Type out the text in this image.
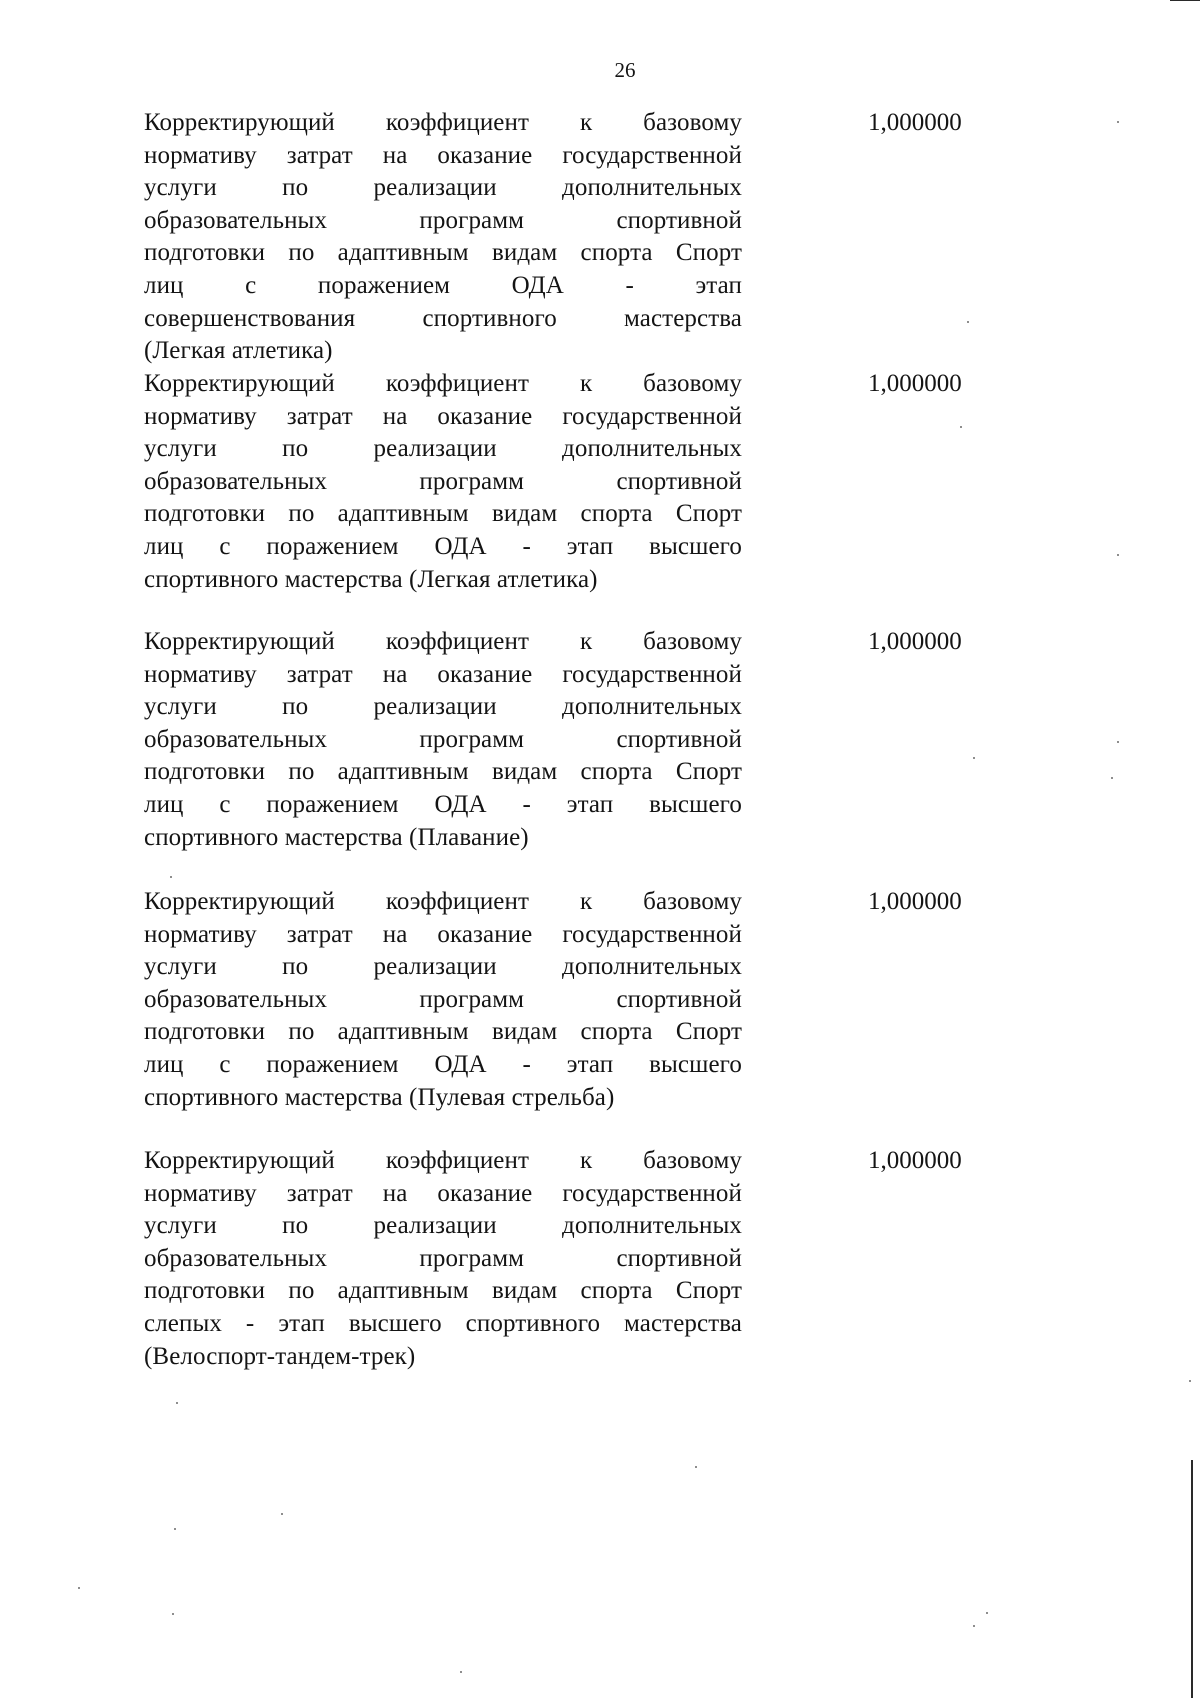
26
Корректирующий коэффициент к базовому
нормативу затрат на оказание государственной
услуги по реализации дополнительных
образовательных программ спортивной
подготовки по адаптивным видам спорта Спорт
лиц с поражением ОДА - этап
совершенствования спортивного мастерства
(Легкая атлетика)
1,000000
Корректирующий коэффициент к базовому
нормативу затрат на оказание государственной
услуги по реализации дополнительных
образовательных программ спортивной
подготовки по адаптивным видам спорта Спорт
лиц с поражением ОДА - этап высшего
спортивного мастерства (Легкая атлетика)
1,000000
Корректирующий коэффициент к базовому
нормативу затрат на оказание государственной
услуги по реализации дополнительных
образовательных программ спортивной
подготовки по адаптивным видам спорта Спорт
лиц с поражением ОДА - этап высшего
спортивного мастерства (Плавание)
1,000000
Корректирующий коэффициент к базовому
нормативу затрат на оказание государственной
услуги по реализации дополнительных
образовательных программ спортивной
подготовки по адаптивным видам спорта Спорт
лиц с поражением ОДА - этап высшего
спортивного мастерства (Пулевая стрельба)
1,000000
Корректирующий коэффициент к базовому
нормативу затрат на оказание государственной
услуги по реализации дополнительных
образовательных программ спортивной
подготовки по адаптивным видам спорта Спорт
слепых - этап высшего спортивного мастерства
(Велоспорт-тандем-трек)
1,000000
